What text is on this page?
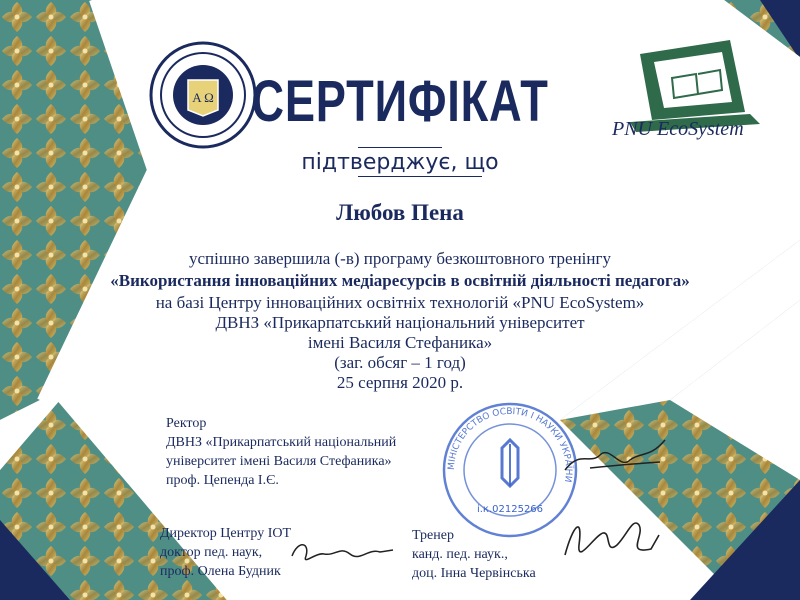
Α Ω
PNU EcoSystem
СЕРТИФІКАТ
підтверджує, що
Любов Пена
успішно завершила (-в) програму безкоштовного тренінгу
«Використання інноваційних медіаресурсів в освітній діяльності педагога»
на базі Центру інноваційних освітніх технологій «PNU EcoSystem»
ДВНЗ «Прикарпатський національний університет
імені Василя Стефаника»
(заг. обсяг – 1 год)
25 серпня 2020 р.
Ректор
ДВНЗ «Прикарпатський національний
університет імені Василя Стефаника»
проф. Цепенда І.Є.
МІНІСТЕРСТВО ОСВІТИ І НАУКИ УКРАЇНИ
і.к.02125266
Директор Центру ІОТ
доктор пед. наук,
проф. Олена Будник
Тренер
канд. пед. наук.,
доц. Інна Червінська
